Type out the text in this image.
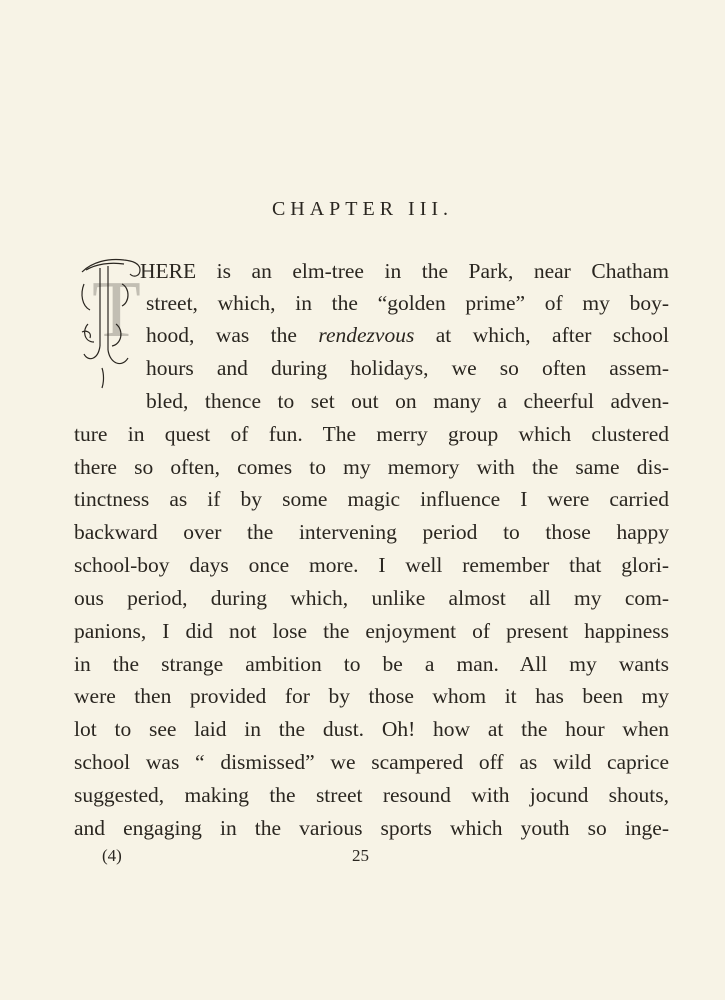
CHAPTER III.
T HERE is an elm-tree in the Park, near Chatham
street, which, in the “golden prime” of my boy-
hood, was the rendezvous at which, after school
hours and during holidays, we so often assem-
bled, thence to set out on many a cheerful adven-
ture in quest of fun. The merry group which clustered
there so often, comes to my memory with the same dis-
tinctness as if by some magic influence I were carried
backward over the intervening period to those happy
school-boy days once more. I well remember that glori-
ous period, during which, unlike almost all my com-
panions, I did not lose the enjoyment of present happiness
in the strange ambition to be a man. All my wants
were then provided for by those whom it has been my
lot to see laid in the dust. Oh! how at the hour when
school was “ dismissed” we scampered off as wild caprice
suggested, making the street resound with jocund shouts,
and engaging in the various sports which youth so inge-
(4)	25
